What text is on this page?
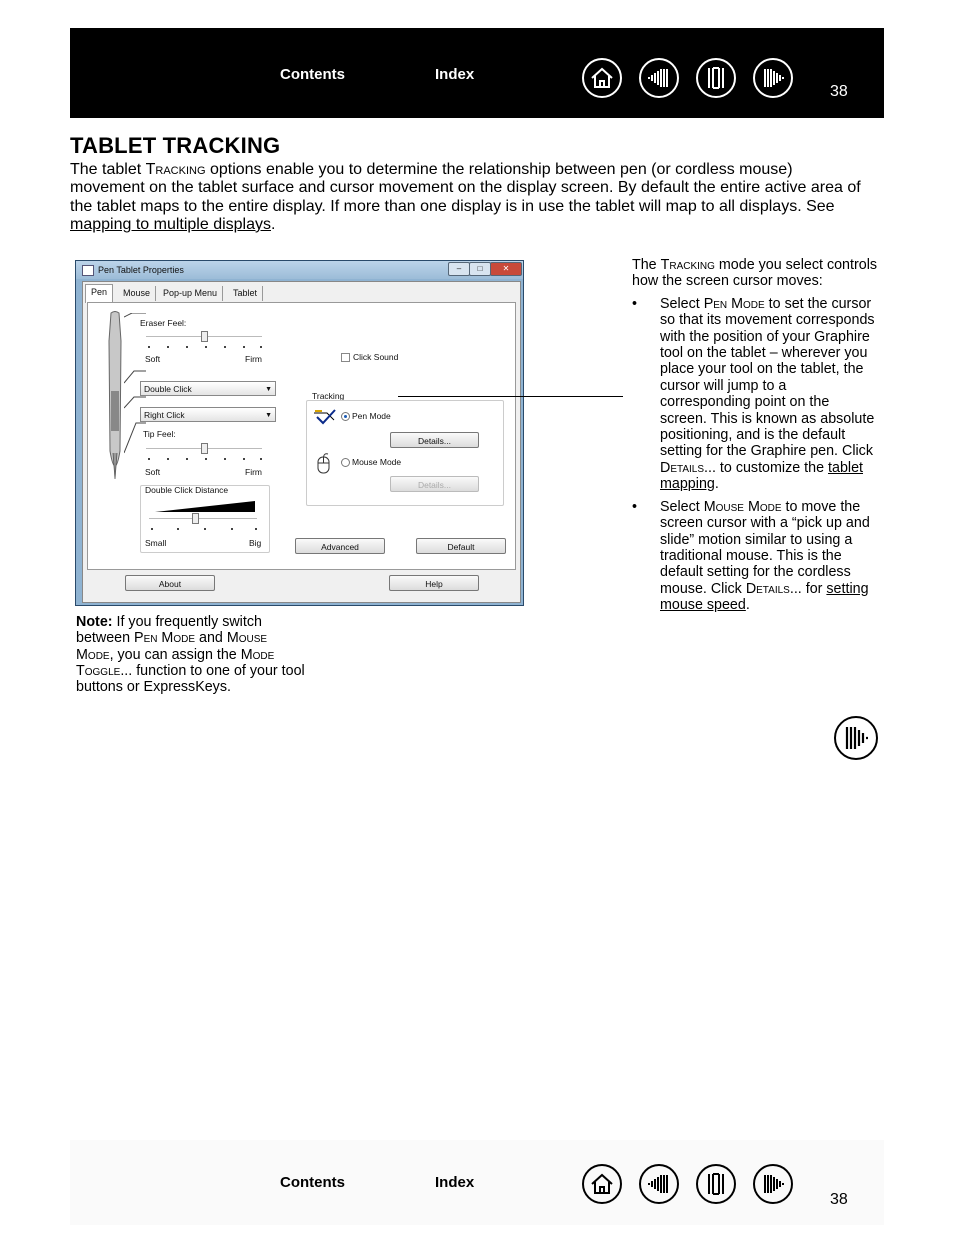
Contents	Index
38
TABLET TRACKING
The tablet Tracking options enable you to determine the relationship between pen (or cordless mouse) movement on the tablet surface and cursor movement on the display screen. By default the entire active area of the tablet maps to the entire display. If more than one display is in use the tablet will map to all displays. See mapping to multiple displays.
Pen Tablet Properties	–	□	✕
Pen	Mouse	Pop-up Menu	Tablet
Eraser Feel:
Soft	Firm
Double Click	▼
Right Click	▼
Tip Feel:
Soft	Firm
Double Click Distance
Small	Big
Click Sound
Tracking
Pen Mode
Details...
Mouse Mode
Details...
Advanced	Default
About	Help

The Tracking mode you select controls how the screen cursor moves:

• Select Pen Mode to set the cursor so that its movement corresponds with the position of your Graphire tool on the tablet – wherever you place your tool on the tablet, the cursor will jump to a corresponding point on the screen. This is known as absolute positioning, and is the default setting for the Graphire pen. Click Details... to customize the tablet mapping.
• Select Mouse Mode to move the screen cursor with a “pick up and slide” motion similar to using a traditional mouse. This is the default setting for the cordless mouse. Click Details... for setting mouse speed.
Note: If you frequently switch between Pen Mode and Mouse Mode, you can assign the Mode Toggle... function to one of your tool buttons or ExpressKeys.
Contents	Index
38
